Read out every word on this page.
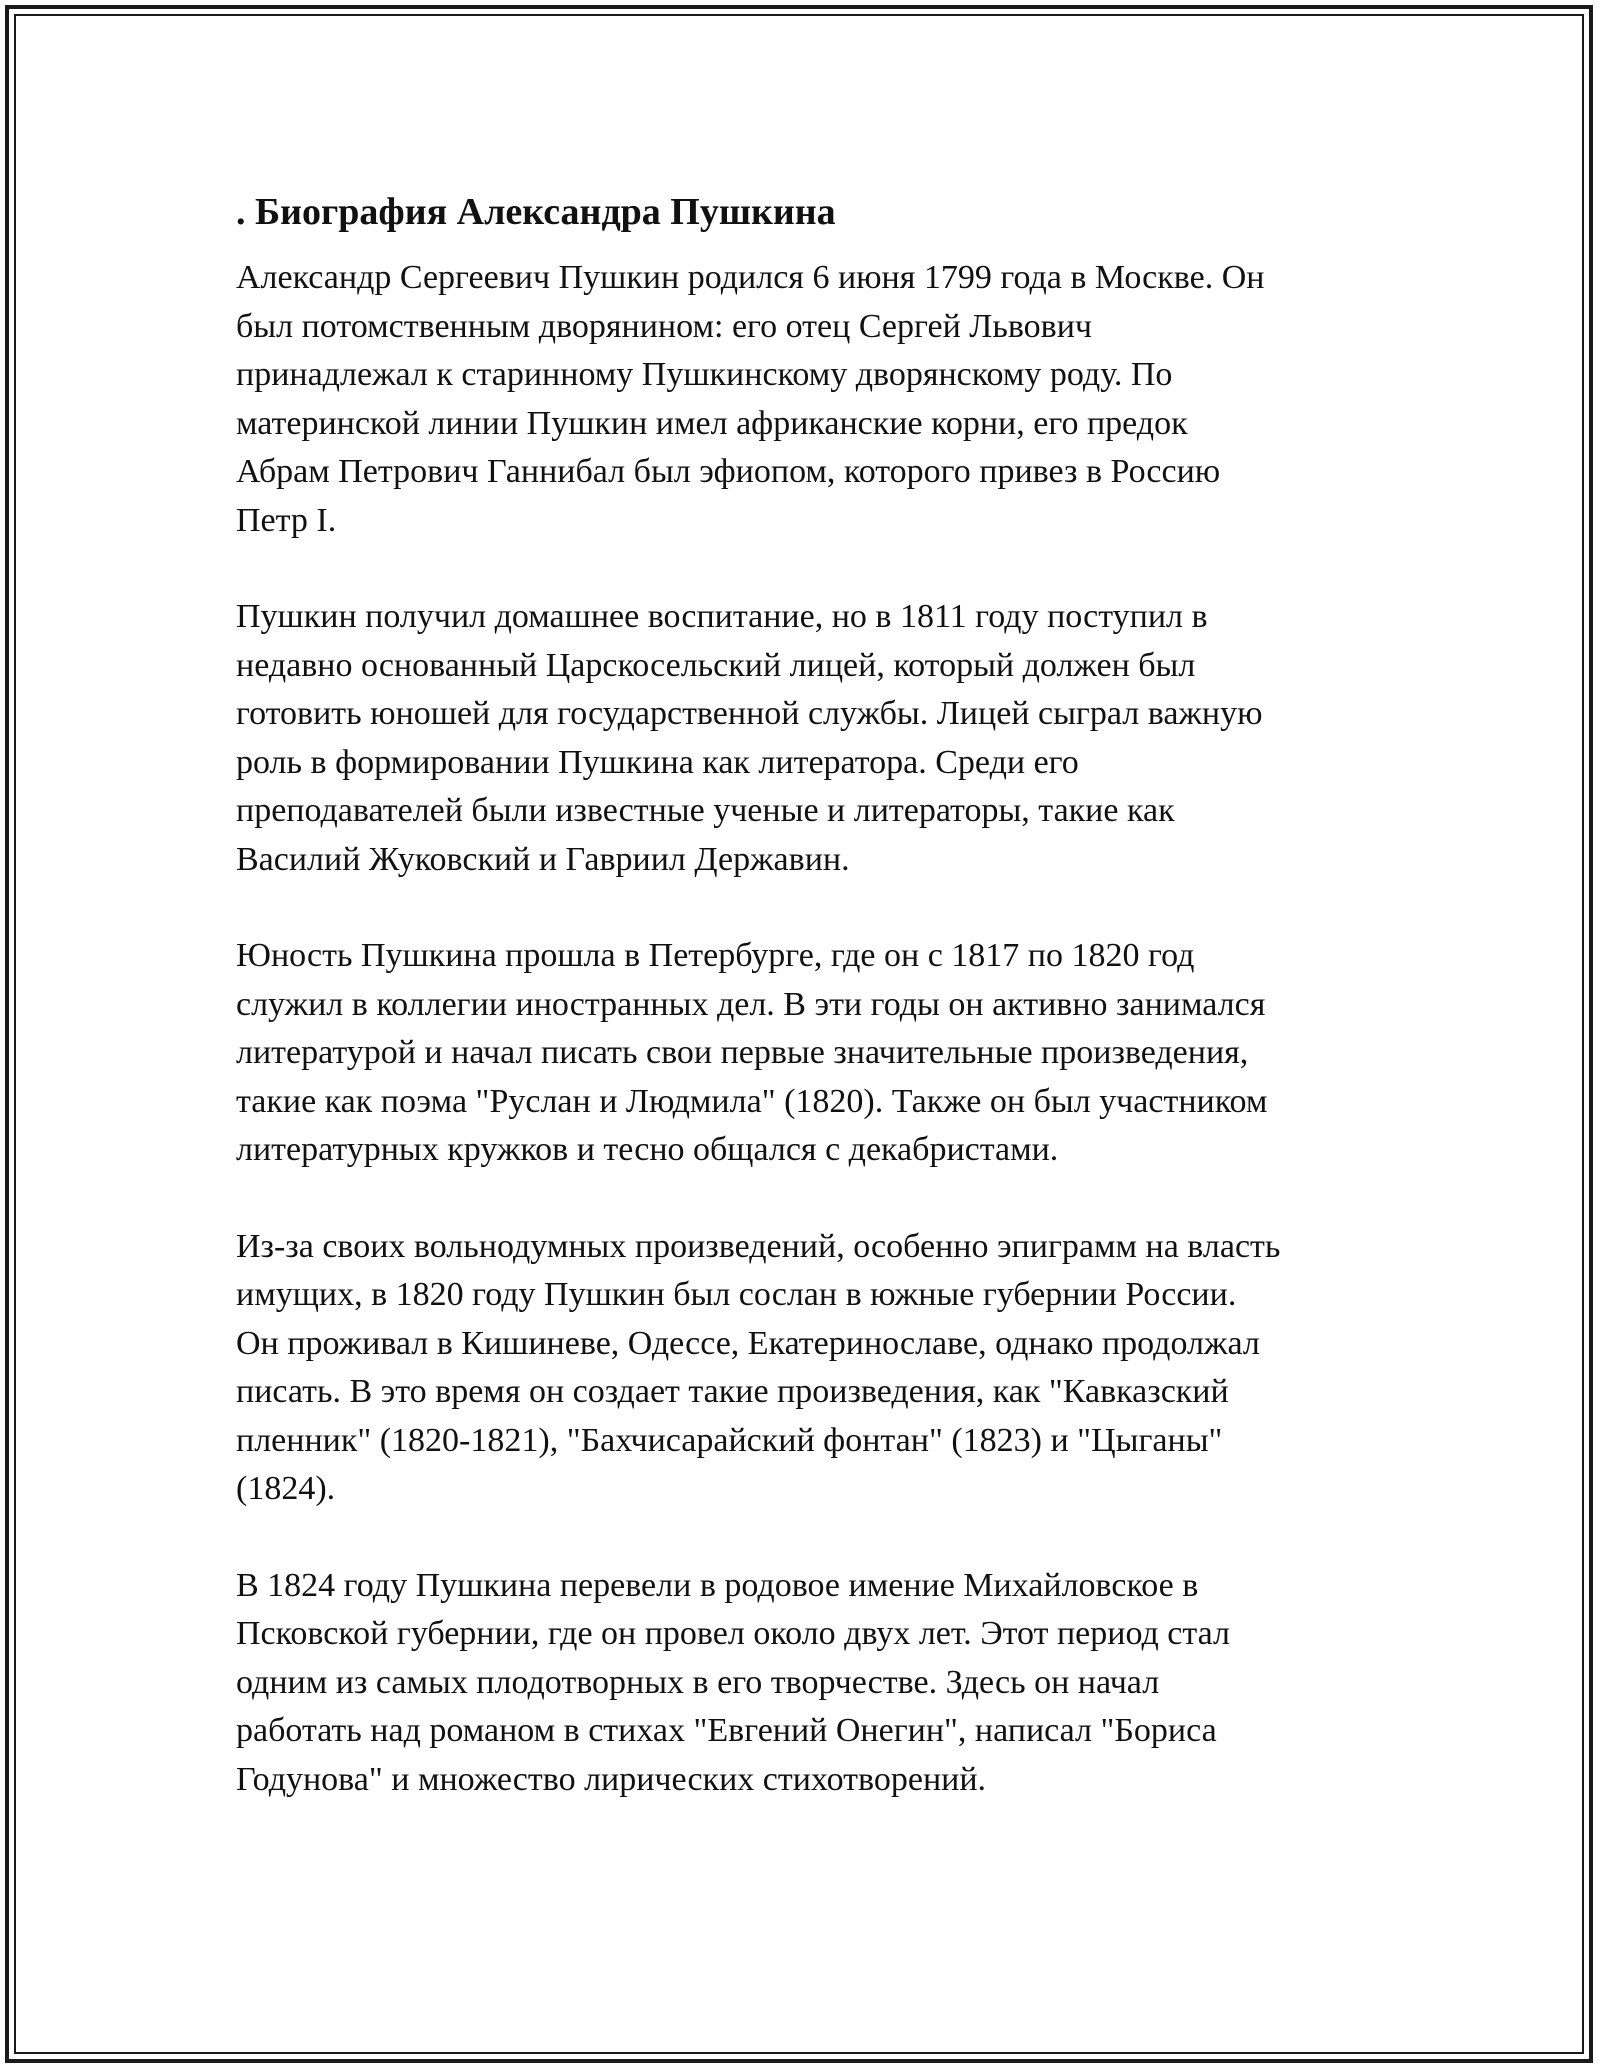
. Биография Александра Пушкина

Александр Сергеевич Пушкин родился 6 июня 1799 года в Москве. Он
был потомственным дворянином: его отец Сергей Львович
принадлежал к старинному Пушкинскому дворянскому роду. По
материнской линии Пушкин имел африканские корни, его предок
Абрам Петрович Ганнибал был эфиопом, которого привез в Россию
Петр I.

Пушкин получил домашнее воспитание, но в 1811 году поступил в
недавно основанный Царскосельский лицей, который должен был
готовить юношей для государственной службы. Лицей сыграл важную
роль в формировании Пушкина как литератора. Среди его
преподавателей были известные ученые и литераторы, такие как
Василий Жуковский и Гавриил Державин.

Юность Пушкина прошла в Петербурге, где он с 1817 по 1820 год
служил в коллегии иностранных дел. В эти годы он активно занимался
литературой и начал писать свои первые значительные произведения,
такие как поэма "Руслан и Людмила" (1820). Также он был участником
литературных кружков и тесно общался с декабристами.

Из-за своих вольнодумных произведений, особенно эпиграмм на власть
имущих, в 1820 году Пушкин был сослан в южные губернии России.
Он проживал в Кишиневе, Одессе, Екатеринославе, однако продолжал
писать. В это время он создает такие произведения, как "Кавказский
пленник" (1820-1821), "Бахчисарайский фонтан" (1823) и "Цыганы"
(1824).

В 1824 году Пушкина перевели в родовое имение Михайловское в
Псковской губернии, где он провел около двух лет. Этот период стал
одним из самых плодотворных в его творчестве. Здесь он начал
работать над романом в стихах "Евгений Онегин", написал "Бориса
Годунова" и множество лирических стихотворений.
